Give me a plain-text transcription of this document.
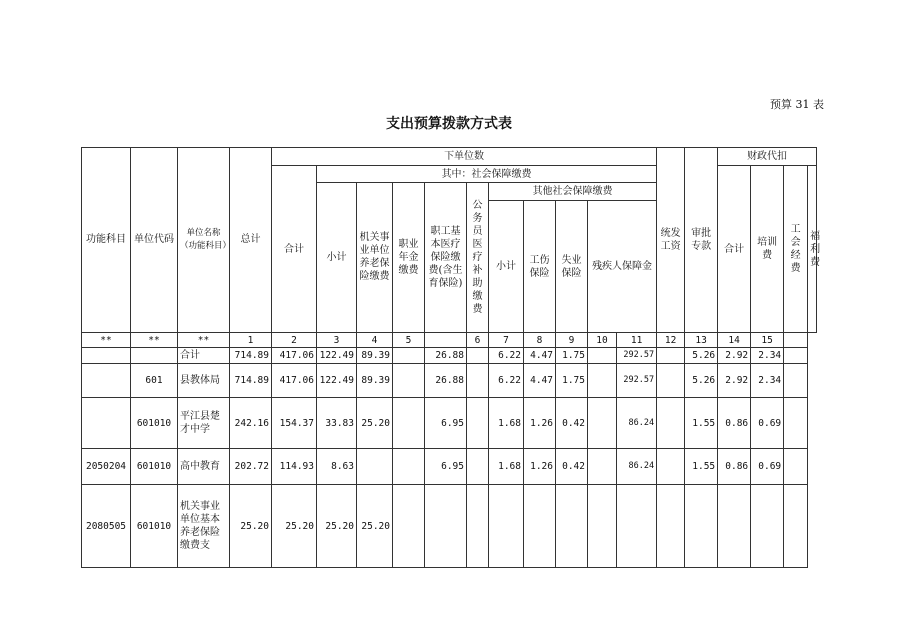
预算 31 表
支出预算拨款方式表
功能科目	单位代码	单位名称（功能科目）	总计	下单位数											统发工资	审批专款	财政代扣			
				合计	其中：社会保障缴费												合计	培训费	工会经费	福利费
					小计	机关事业单位养老保险缴费	职业年金缴费	职工基本医疗保险缴费(含生育保险)	公务员医疗补助缴费	其他社会保障缴费										
										小计	工伤保险	失业保险	残疾人保障金							
**	**	**	1	2	3	4	5		6	7	8	9	10	11	12	13	14	15		
		合计	714.89	417.06	122.49	89.39		26.88		6.22	4.47	1.75		292.57		5.26	2.92	2.34		
	601	县教体局	714.89	417.06	122.49	89.39		26.88		6.22	4.47	1.75		292.57		5.26	2.92	2.34		
	601010	平江县楚才中学	242.16	154.37	33.83	25.20		6.95		1.68	1.26	0.42		86.24		1.55	0.86	0.69		
2050204	601010	高中教育	202.72	114.93	8.63			6.95		1.68	1.26	0.42		86.24		1.55	0.86	0.69		
2080505	601010	机关事业单位基本养老保险缴费支	25.20	25.20	25.20	25.20														
